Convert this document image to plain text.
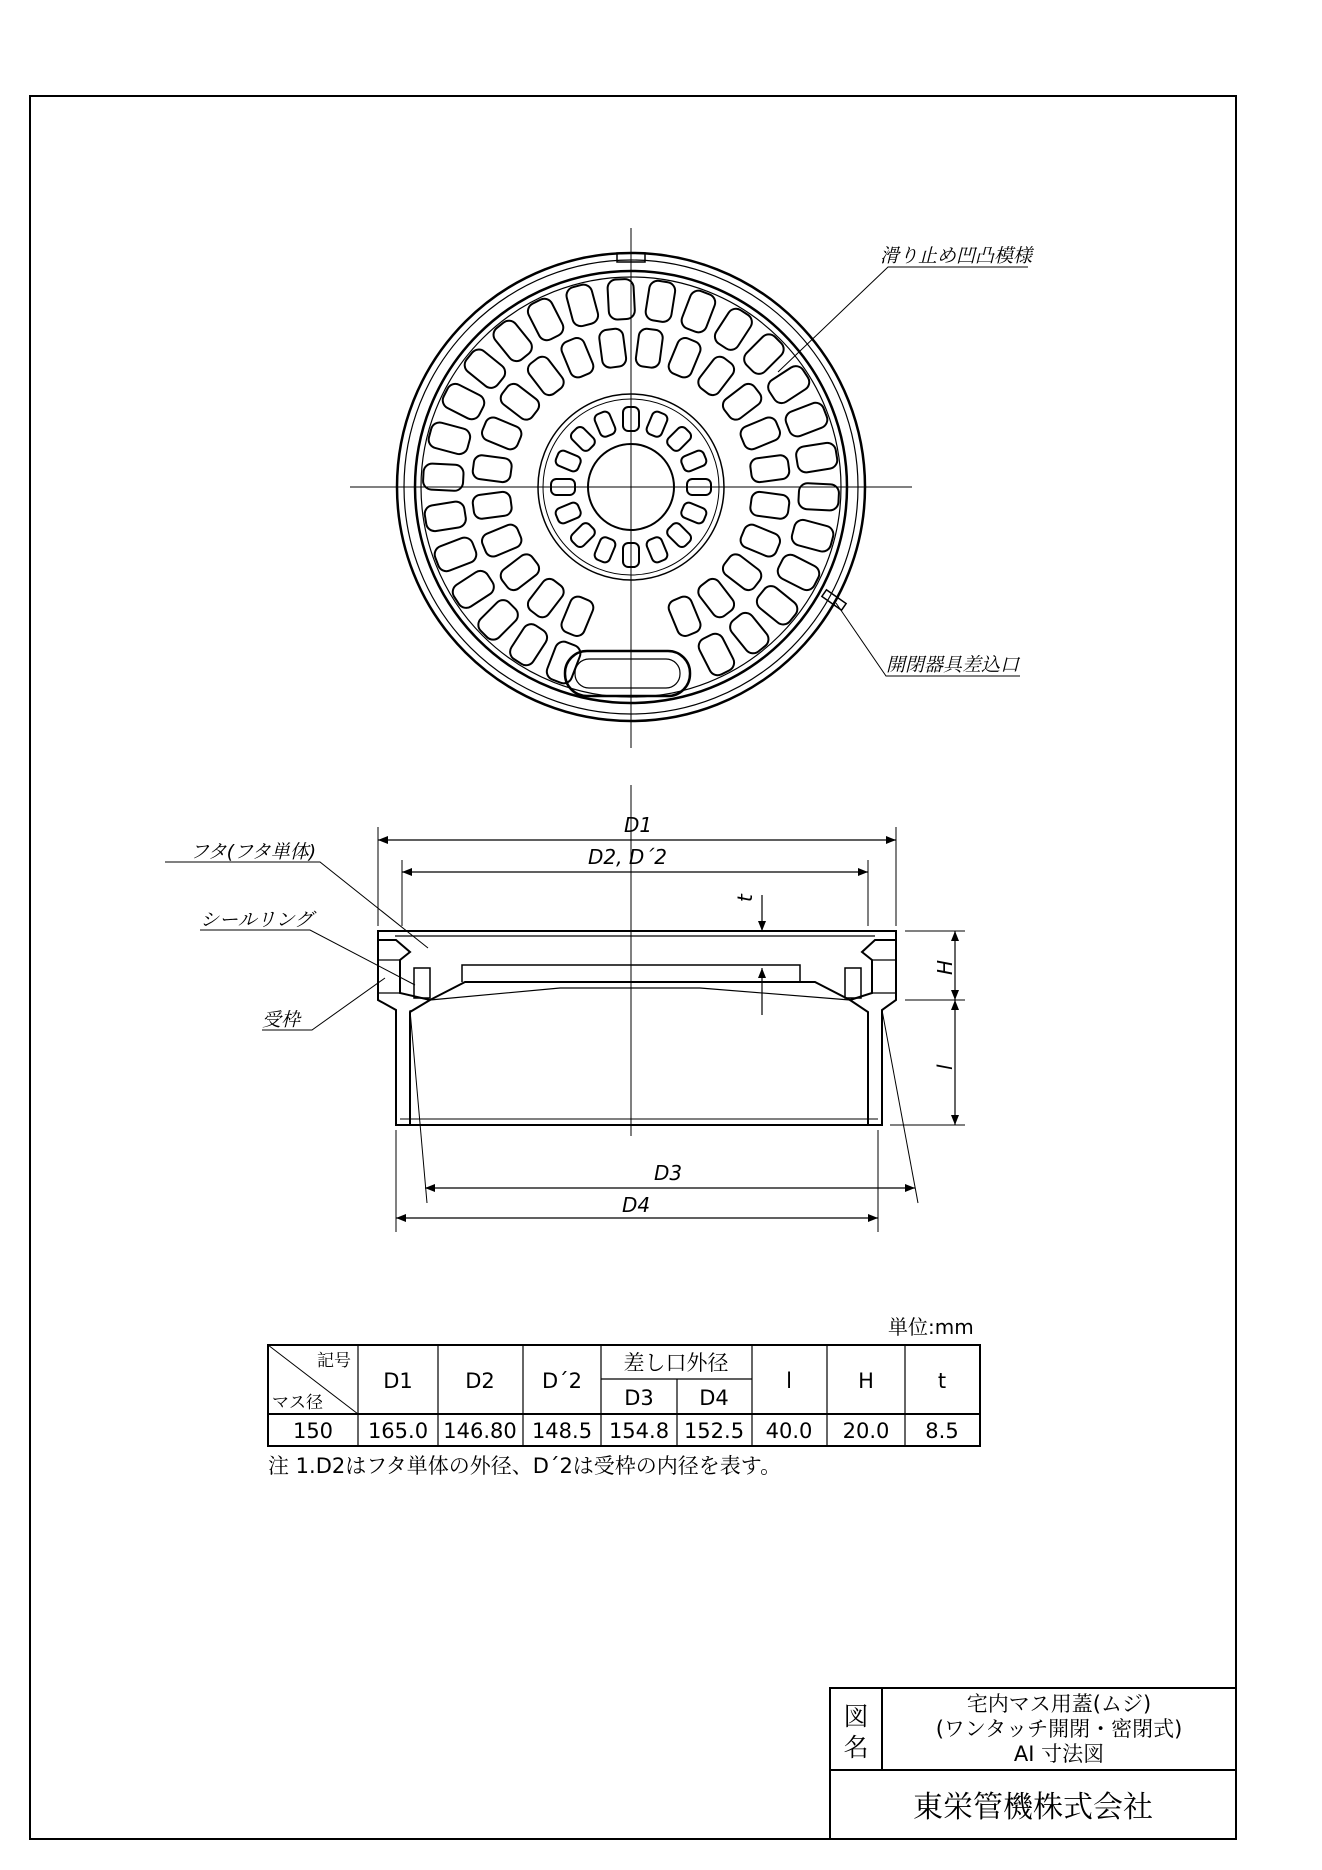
滑り止め凹凸模様
開閉器具差込口
D1
D2, D´2
t
H
l
D3
D4
フタ(フタ単体)
シールリング
受枠
単位:mm
記号
マス径
D1 D2 D´2
差し口外径
D3 D4
l	H	t
150 165.0 146.80 148.5 154.8 152.5 40.0 20.0 8.5
注 1.D2はフタ単体の外径、D´2は受枠の内径を表す。
図
名
宅内マス用蓋(ムジ)
(ワンタッチ開閉・密閉式)
AI 寸法図
東栄管機株式会社
